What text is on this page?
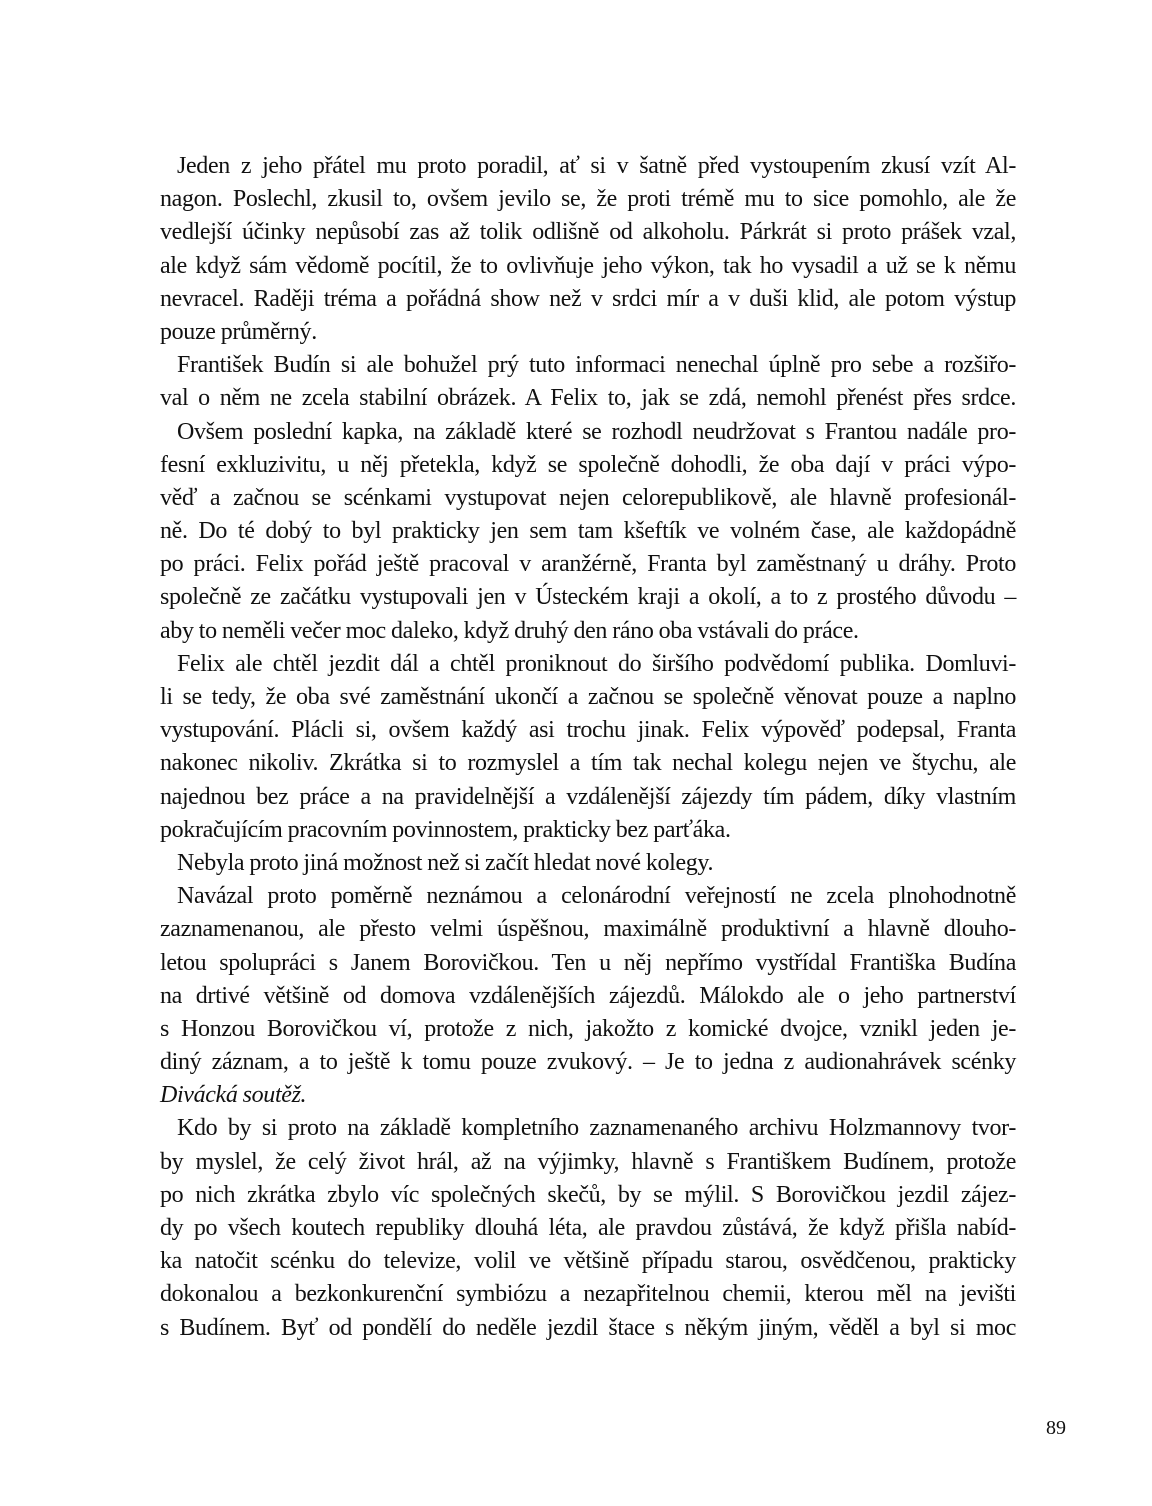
Jeden z jeho přátel mu proto poradil, ať si v šatně před vystoupením zkusí vzít Al-
nagon. Poslechl, zkusil to, ovšem jevilo se, že proti trémě mu to sice pomohlo, ale že
vedlejší účinky nepůsobí zas až tolik odlišně od alkoholu. Párkrát si proto prášek vzal,
ale když sám vědomě pocítil, že to ovlivňuje jeho výkon, tak ho vysadil a už se k němu
nevracel. Raději tréma a pořádná show než v srdci mír a v duši klid, ale potom výstup
pouze průměrný.
František Budín si ale bohužel prý tuto informaci nenechal úplně pro sebe a rozšiřo-
val o něm ne zcela stabilní obrázek. A Felix to, jak se zdá, nemohl přenést přes srdce.
Ovšem poslední kapka, na základě které se rozhodl neudržovat s Frantou nadále pro-
fesní exkluzivitu, u něj přetekla, když se společně dohodli, že oba dají v práci výpo-
věď a začnou se scénkami vystupovat nejen celorepublikově, ale hlavně profesionál-
ně. Do té dobý to byl prakticky jen sem tam kšeftík ve volném čase, ale každopádně
po práci. Felix pořád ještě pracoval v aranžérně, Franta byl zaměstnaný u dráhy. Proto
společně ze začátku vystupovali jen v Ústeckém kraji a okolí, a to z prostého důvodu –
aby to neměli večer moc daleko, když druhý den ráno oba vstávali do práce.
Felix ale chtěl jezdit dál a chtěl proniknout do širšího podvědomí publika. Domluvi-
li se tedy, že oba své zaměstnání ukončí a začnou se společně věnovat pouze a naplno
vystupování. Plácli si, ovšem každý asi trochu jinak. Felix výpověď podepsal, Franta
nakonec nikoliv. Zkrátka si to rozmyslel a tím tak nechal kolegu nejen ve štychu, ale
najednou bez práce a na pravidelnější a vzdálenější zájezdy tím pádem, díky vlastním
pokračujícím pracovním povinnostem, prakticky bez parťáka.
Nebyla proto jiná možnost než si začít hledat nové kolegy.
Navázal proto poměrně neznámou a celonárodní veřejností ne zcela plnohodnotně
zaznamenanou, ale přesto velmi úspěšnou, maximálně produktivní a hlavně dlouho-
letou spolupráci s Janem Borovičkou. Ten u něj nepřímo vystřídal Františka Budína
na drtivé většině od domova vzdálenějších zájezdů. Málokdo ale o jeho partnerství
s Honzou Borovičkou ví, protože z nich, jakožto z komické dvojce, vznikl jeden je-
diný záznam, a to ještě k tomu pouze zvukový. – Je to jedna z audionahrávek scénky
Divácká soutěž.
Kdo by si proto na základě kompletního zaznamenaného archivu Holzmannovy tvor-
by myslel, že celý život hrál, až na výjimky, hlavně s Františkem Budínem, protože
po nich zkrátka zbylo víc společných skečů, by se mýlil. S Borovičkou jezdil zájez-
dy po všech koutech republiky dlouhá léta, ale pravdou zůstává, že když přišla nabíd-
ka natočit scénku do televize, volil ve většině případu starou, osvědčenou, prakticky
dokonalou a bezkonkurenční symbiózu a nezapřitelnou chemii, kterou měl na jevišti
s Budínem. Byť od pondělí do neděle jezdil štace s někým jiným, věděl a byl si moc
89
